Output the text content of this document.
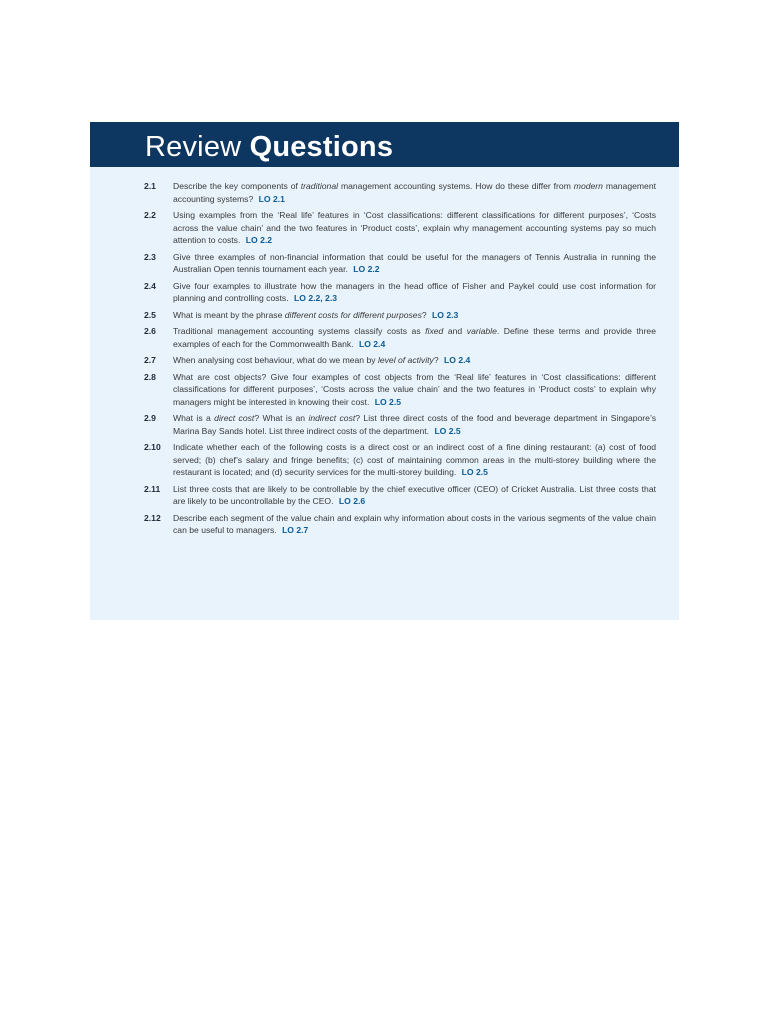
Review Questions
2.1	Describe the key components of traditional management accounting systems. How do these differ from modern management accounting systems? LO 2.1

2.2	Using examples from the ‘Real life’ features in ‘Cost classifications: different classifications for different purposes’, ‘Costs across the value chain’ and the two features in ‘Product costs’, explain why management accounting systems pay so much attention to costs. LO 2.2

2.3	Give three examples of non-financial information that could be useful for the managers of Tennis Australia in running the Australian Open tennis tournament each year. LO 2.2

2.4	Give four examples to illustrate how the managers in the head office of Fisher and Paykel could use cost information for planning and controlling costs. LO 2.2, 2.3

2.5	What is meant by the phrase different costs for different purposes? LO 2.3

2.6	Traditional management accounting systems classify costs as fixed and variable. Define these terms and provide three examples of each for the Commonwealth Bank. LO 2.4

2.7	When analysing cost behaviour, what do we mean by level of activity? LO 2.4

2.8	What are cost objects? Give four examples of cost objects from the ‘Real life’ features in ‘Cost classifications: different classifications for different purposes’, ‘Costs across the value chain’ and the two features in ‘Product costs’ to explain why managers might be interested in knowing their cost. LO 2.5

2.9	What is a direct cost? What is an indirect cost? List three direct costs of the food and beverage department in Singapore’s Marina Bay Sands hotel. List three indirect costs of the department. LO 2.5

2.10	Indicate whether each of the following costs is a direct cost or an indirect cost of a fine dining restaurant: (a) cost of food served; (b) chef’s salary and fringe benefits; (c) cost of maintaining common areas in the multi-storey building where the restaurant is located; and (d) security services for the multi-storey building. LO 2.5

2.11	List three costs that are likely to be controllable by the chief executive officer (CEO) of Cricket Australia. List three costs that are likely to be uncontrollable by the CEO. LO 2.6

2.12	Describe each segment of the value chain and explain why information about costs in the various segments of the value chain can be useful to managers. LO 2.7
